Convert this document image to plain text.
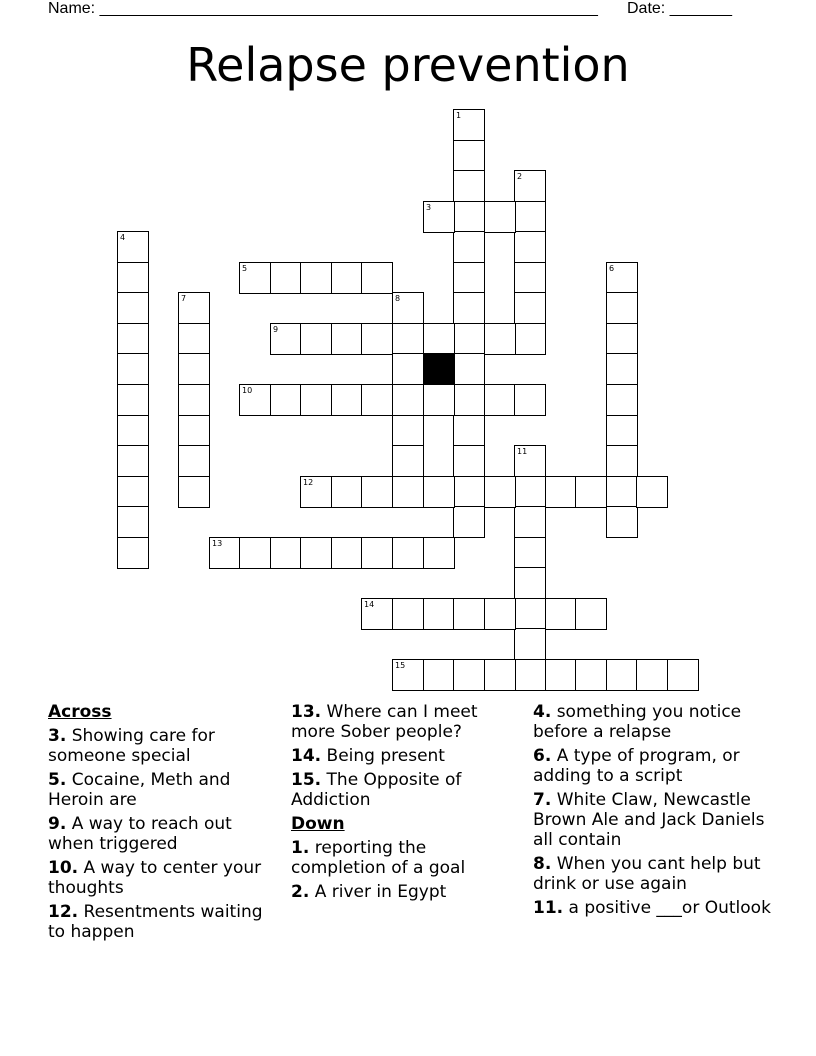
Name: ________________________________________________________ Date: _______
Relapse prevention
1
2
3
4
5	6
7	8
9
10
11
12
13
14
15
Across
3. Showing care for someone special
5. Cocaine, Meth and Heroin are
9. A way to reach out when triggered
10. A way to center your thoughts
12. Resentments waiting to happen
13. Where can I meet more Sober people?
14. Being present
15. The Opposite of Addiction
Down
1. reporting the completion of a goal
2. A river in Egypt
4. something you notice before a relapse
6. A type of program, or adding to a script
7. White Claw, Newcastle Brown Ale and Jack Daniels all contain
8. When you cant help but drink or use again
11. a positive ___or Outlook
